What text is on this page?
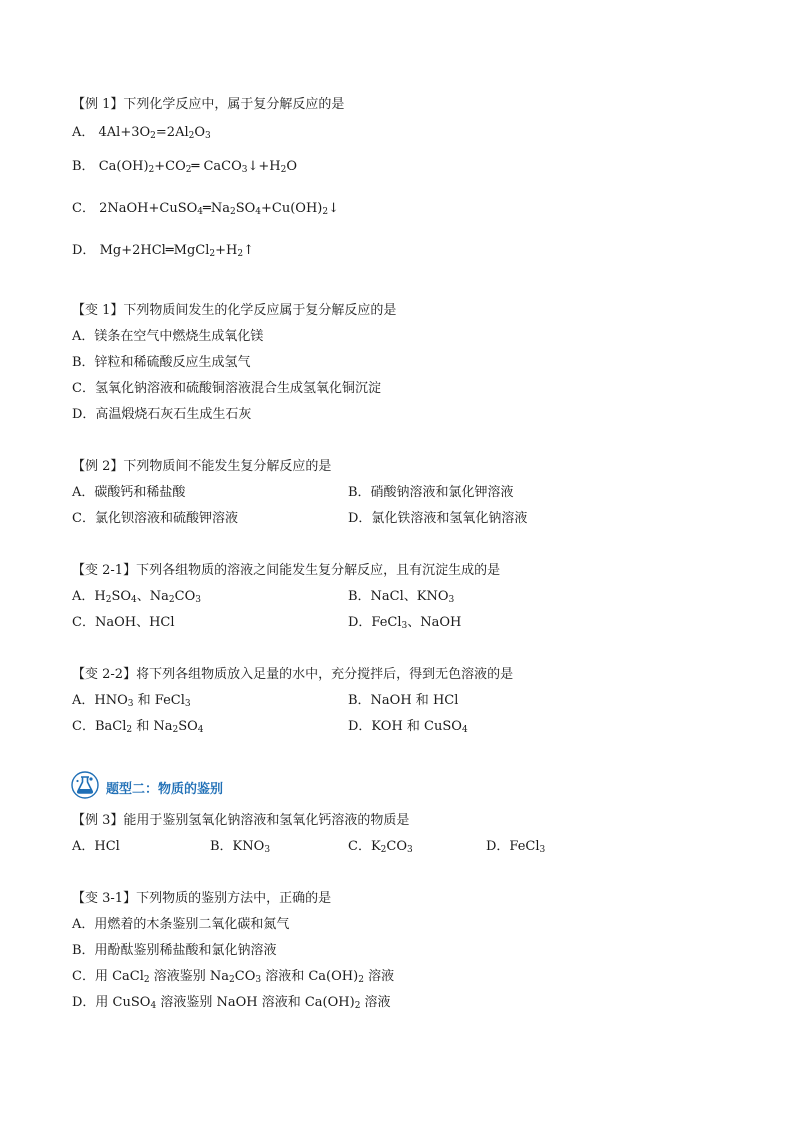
【例 1】下列化学反应中，属于复分解反应的是
A． $4Al+3O_2=2Al_2O_3$
B． $Ca(OH)_2+CO_2═$ $CaCO_3↓+H_2O$
C． $2NaOH+CuSO_4═Na_2SO_4+Cu(OH)_2↓$
D． $Mg+2HCl═MgCl_2+H_2↑$
【变 1】下列物质间发生的化学反应属于复分解反应的是
A．镁条在空气中燃烧生成氧化镁
B．锌粒和稀硫酸反应生成氢气
C．氢氧化钠溶液和硫酸铜溶液混合生成氢氧化铜沉淀
D．高温煅烧石灰石生成生石灰
【例 2】下列物质间不能发生复分解反应的是
A．碳酸钙和稀盐酸	B．硝酸钠溶液和氯化钾溶液
C．氯化钡溶液和硫酸钾溶液	D．氯化铁溶液和氢氧化钠溶液
【变 2-1】下列各组物质的溶液之间能发生复分解反应，且有沉淀生成的是
A．$H_2SO_4$、$Na_2CO_3$	B．NaCl、$KNO_3$
C．NaOH、HCl	D．FeCl$_3$、NaOH
【变 2-2】将下列各组物质放入足量的水中，充分搅拌后，得到无色溶液的是
A．$HNO_3$ 和 FeCl$_3$	B．NaOH 和 HCl
C．BaCl$_2$ 和 $Na_2SO_4$	D．KOH 和 CuSO$_4$
题型二：物质的鉴别
【例 3】能用于鉴别氢氧化钠溶液和氢氧化钙溶液的物质是
A．HCl	B．$KNO_3$	C．$K_2CO_3$	D．FeCl$_3$
【变 3-1】下列物质的鉴别方法中，正确的是
A．用燃着的木条鉴别二氧化碳和氮气
B．用酚酞鉴别稀盐酸和氯化钠溶液
C．用 CaCl$_2$ 溶液鉴别 $Na_2CO_3$ 溶液和 $Ca(OH)_2$ 溶液
D．用 CuSO$_4$ 溶液鉴别 NaOH 溶液和 $Ca(OH)_2$ 溶液
